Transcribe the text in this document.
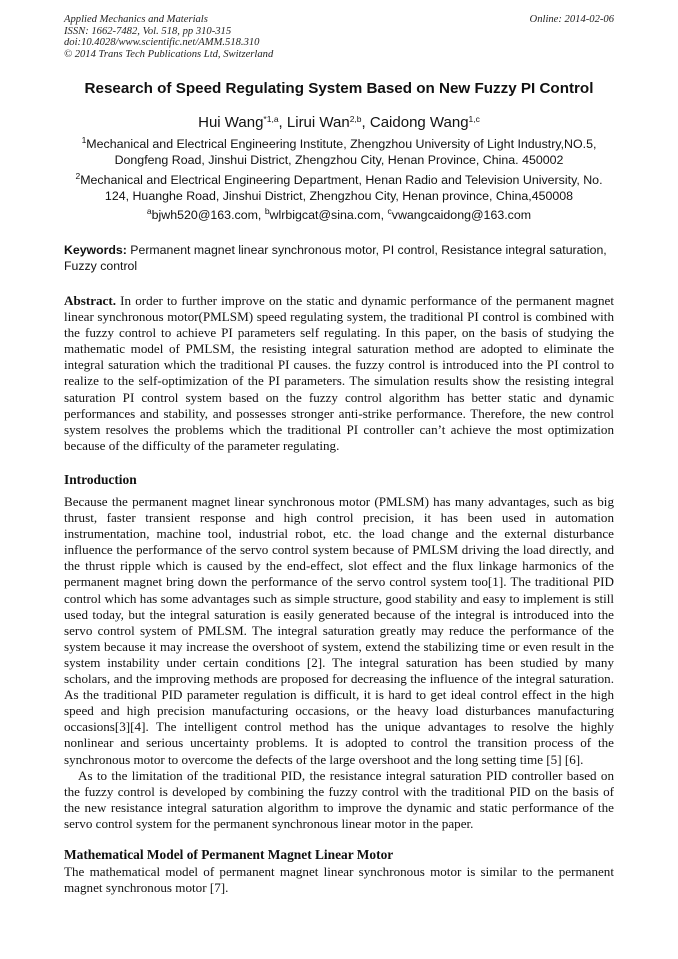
Applied Mechanics and Materials
ISSN: 1662-7482, Vol. 518, pp 310-315
doi:10.4028/www.scientific.net/AMM.518.310
© 2014 Trans Tech Publications Ltd, Switzerland
Online: 2014-02-06
Research of Speed Regulating System Based on New Fuzzy PI Control
Hui Wang$^{*1,a}$, Lirui Wan$^{2,b}$, Caidong Wang$^{1,c}$
$^1$Mechanical and Electrical Engineering Institute, Zhengzhou University of Light Industry,NO.5, Dongfeng Road, Jinshui District, Zhengzhou City, Henan Province, China. 450002
$^2$Mechanical and Electrical Engineering Department, Henan Radio and Television University, No. 124, Huanghe Road, Jinshui District, Zhengzhou City, Henan province, China,450008
$^a$bjwh520@163.com, $^b$wlrbigcat@sina.com, $^c$vwangcaidong@163.com
Keywords: Permanent magnet linear synchronous motor, PI control, Resistance integral saturation, Fuzzy control
Abstract. In order to further improve on the static and dynamic performance of the permanent magnet linear synchronous motor(PMLSM) speed regulating system, the traditional PI control is combined with the fuzzy control to achieve PI parameters self regulating. In this paper, on the basis of studying the mathematic model of PMLSM, the resisting integral saturation method are adopted to eliminate the integral saturation which the traditional PI causes. the fuzzy control is introduced into the PI control to realize to the self-optimization of the PI parameters. The simulation results show the resisting integral saturation PI control system based on the fuzzy control algorithm has better static and dynamic performances and stability, and possesses stronger anti-strike performance. Therefore, the new control system resolves the problems which the traditional PI controller can’t achieve the most optimization because of the difficulty of the parameter regulating.
Introduction

Because the permanent magnet linear synchronous motor (PMLSM) has many advantages, such as big thrust, faster transient response and high control precision, it has been used in automation instrumentation, machine tool, industrial robot, etc. the load change and the external disturbance influence the performance of the servo control system because of PMLSM driving the load directly, and the thrust ripple which is caused by the end-effect, slot effect and the flux linkage harmonics of the permanent magnet bring down the performance of the servo control system too[1]. The traditional PID control which has some advantages such as simple structure, good stability and easy to implement is still used today, but the integral saturation is easily generated because of the integral is introduced into the servo control system of PMLSM. The integral saturation greatly may reduce the performance of the system because it may increase the overshoot of system, extend the stabilizing time or even result in the system instability under certain conditions [2]. The integral saturation has been studied by many scholars, and the improving methods are proposed for decreasing the influence of the integral saturation. As the traditional PID parameter regulation is difficult, it is hard to get ideal control effect in the high speed and high precision manufacturing occasions, or the heavy load disturbances manufacturing occasions[3][4]. The intelligent control method has the unique advantages to resolve the highly nonlinear and serious uncertainty problems. It is adopted to control the transition process of the synchronous motor to overcome the defects of the large overshoot and the long setting time [5] [6].

As to the limitation of the traditional PID, the resistance integral saturation PID controller based on the fuzzy control is developed by combining the fuzzy control with the traditional PID on the basis of the new resistance integral saturation algorithm to improve the dynamic and static performance of the servo control system for the permanent synchronous linear motor in the paper.

Mathematical Model of Permanent Magnet Linear Motor
The mathematical model of permanent magnet linear synchronous motor is similar to the permanent magnet synchronous motor [7].
